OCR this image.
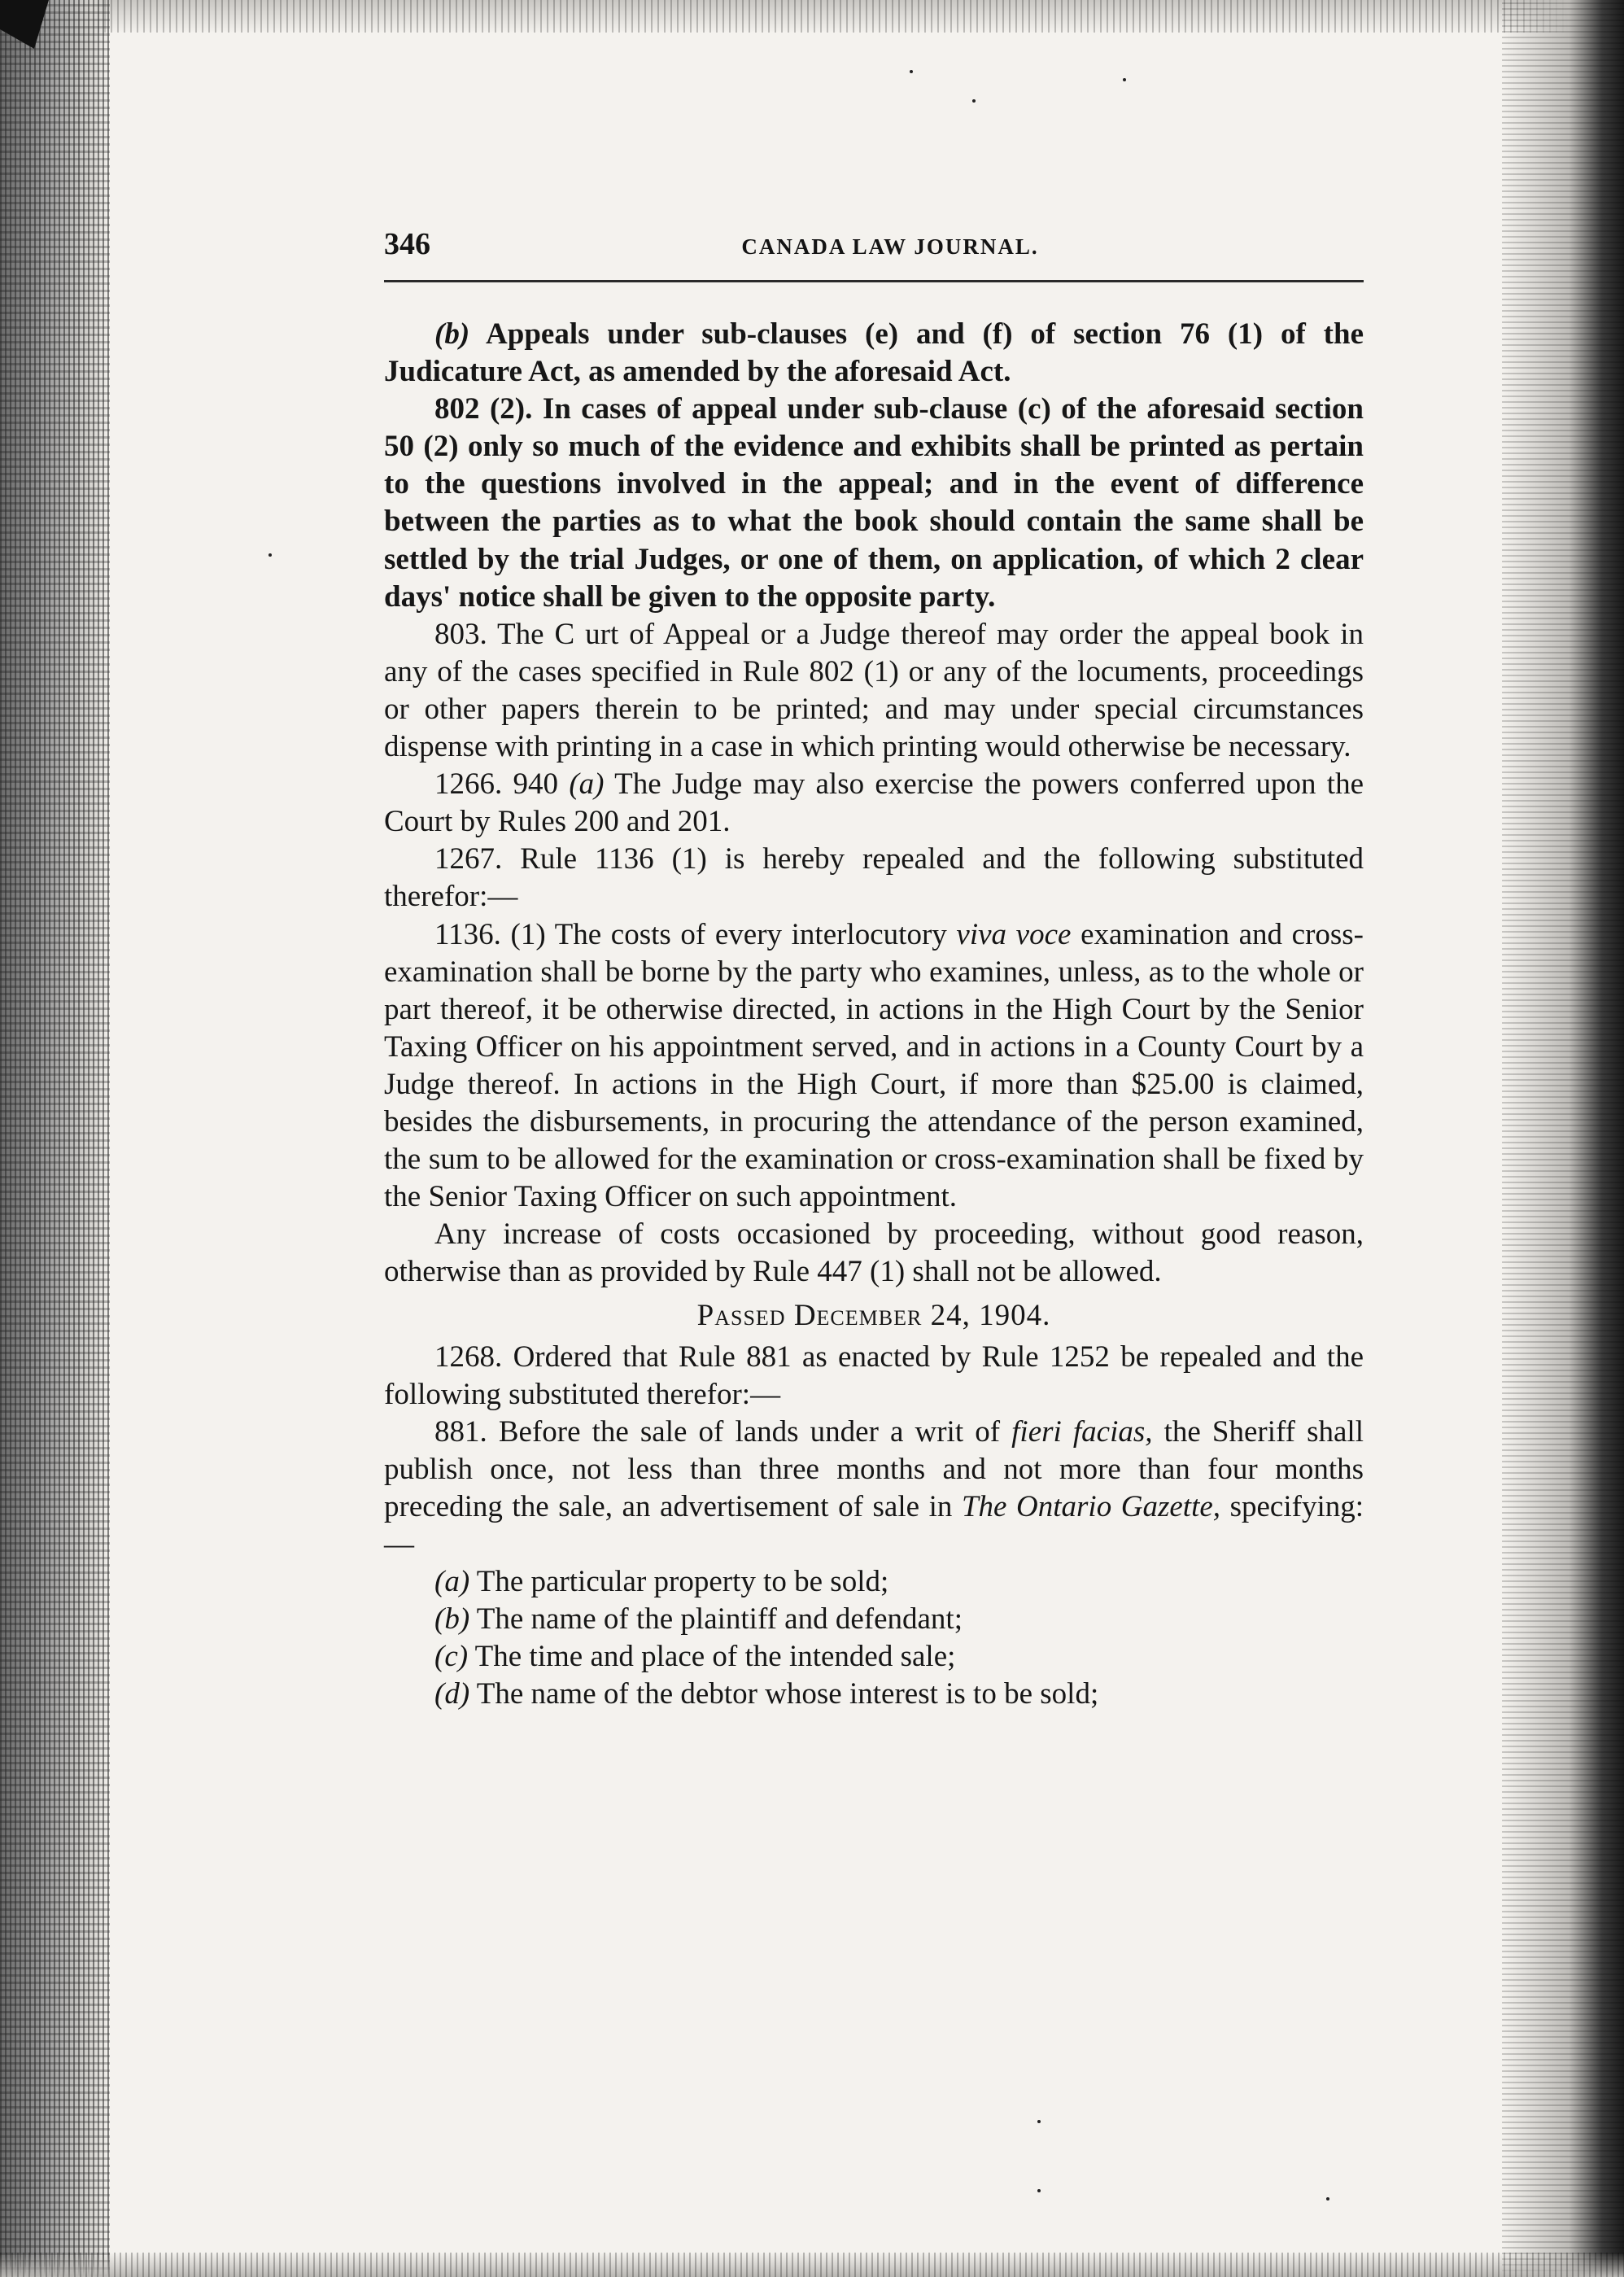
346	CANADA LAW JOURNAL.

(b) Appeals under sub-clauses (e) and (f) of section 76 (1) of the Judicature Act, as amended by the aforesaid Act.

802 (2). In cases of appeal under sub-clause (c) of the aforesaid section 50 (2) only so much of the evidence and exhibits shall be printed as pertain to the questions involved in the appeal; and in the event of difference between the parties as to what the book should contain the same shall be settled by the trial Judges, or one of them, on application, of which 2 clear days' notice shall be given to the opposite party.

803. The C urt of Appeal or a Judge thereof may order the appeal book in any of the cases specified in Rule 802 (1) or any of the locuments, proceedings or other papers therein to be printed; and may under special circumstances dispense with printing in a case in which printing would otherwise be necessary.

1266. 940 (a) The Judge may also exercise the powers conferred upon the Court by Rules 200 and 201.

1267. Rule 1136 (1) is hereby repealed and the following substituted therefor:—

1136. (1) The costs of every interlocutory viva voce examination and cross-examination shall be borne by the party who examines, unless, as to the whole or part thereof, it be otherwise directed, in actions in the High Court by the Senior Taxing Officer on his appointment served, and in actions in a County Court by a Judge thereof. In actions in the High Court, if more than $25.00 is claimed, besides the disbursements, in procuring the attendance of the person examined, the sum to be allowed for the examination or cross-examination shall be fixed by the Senior Taxing Officer on such appointment.

Any increase of costs occasioned by proceeding, without good reason, otherwise than as provided by Rule 447 (1) shall not be allowed.

Passed December 24, 1904.

1268. Ordered that Rule 881 as enacted by Rule 1252 be repealed and the following substituted therefor:—

881. Before the sale of lands under a writ of fieri facias, the Sheriff shall publish once, not less than three months and not more than four months preceding the sale, an advertisement of sale in The Ontario Gazette, specifying:—

(a) The particular property to be sold;

(b) The name of the plaintiff and defendant;

(c) The time and place of the intended sale;

(d) The name of the debtor whose interest is to be sold;
